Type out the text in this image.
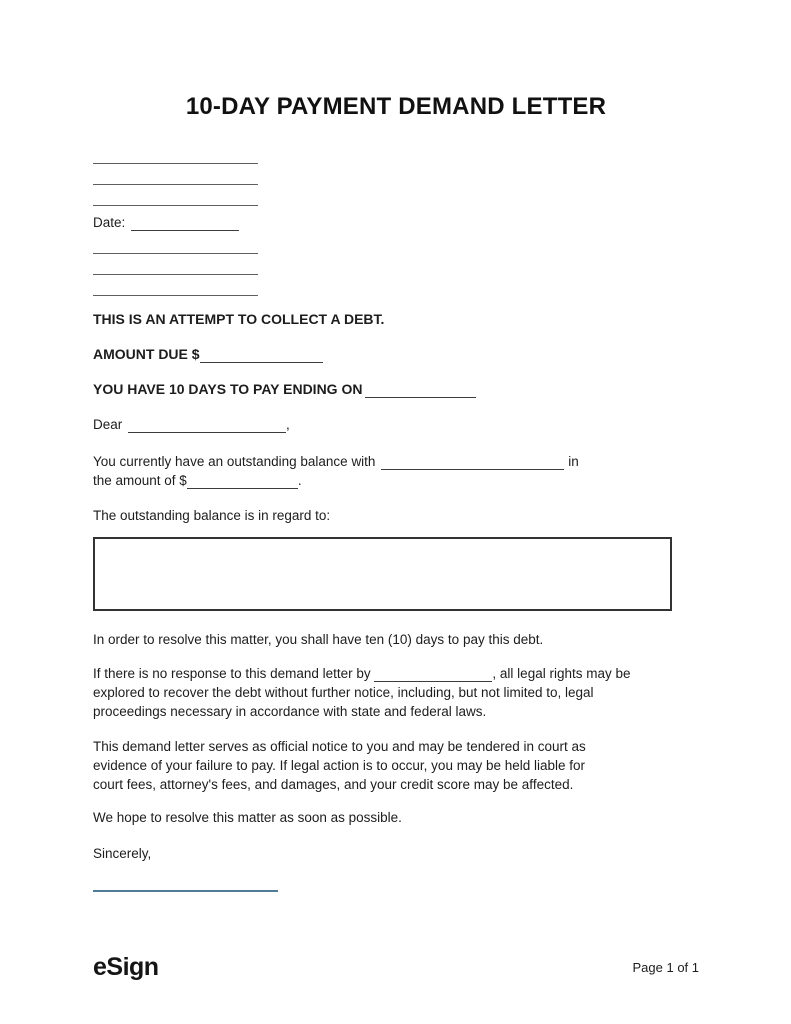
10-DAY PAYMENT DEMAND LETTER
Date:

THIS IS AN ATTEMPT TO COLLECT A DEBT.

AMOUNT DUE $

YOU HAVE 10 DAYS TO PAY ENDING ON

Dear	,

You currently have an outstanding balance with	in
the amount of $	.

The outstanding balance is in regard to:

In order to resolve this matter, you shall have ten (10) days to pay this debt.

If there is no response to this demand letter by	, all legal rights may be
explored to recover the debt without further notice, including, but not limited to, legal
proceedings necessary in accordance with state and federal laws.

This demand letter serves as official notice to you and may be tendered in court as
evidence of your failure to pay. If legal action is to occur, you may be held liable for
court fees, attorney's fees, and damages, and your credit score may be affected.

We hope to resolve this matter as soon as possible.

Sincerely,

eSign	Page 1 of 1
